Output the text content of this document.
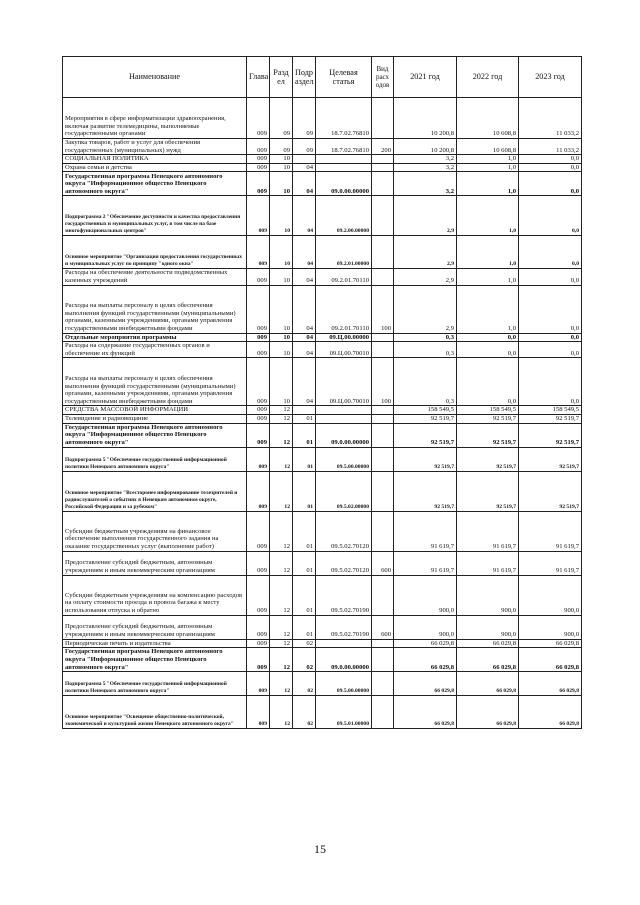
Наименование	Глава	Разд ел	Подр аздел	Целевая статья	Вид расх одов	2021 год	2022 год	2023 год
Мероприятия в сфере информатизации здравоохранения, включая развитие телемедицины, выполняемые государственными органами	009	09	09	18.7.02.76810		10 200,8	10 608,8	11 033,2
Закупка товаров, работ и услуг для обеспечения государственных (муниципальных) нужд	009	09	09	18.7.02.76810	200	10 200,8	10 608,8	11 033,2
СОЦИАЛЬНАЯ ПОЛИТИКА	009	10				3,2	1,0	0,0
Охрана семьи и детства	009	10	04			3,2	1,0	0,0
Государственная программа Ненецкого автономного округа "Информационное общество Ненецкого автономного округа"	009	10	04	09.0.00.00000		3,2	1,0	0,0
Подпрограмма 2 "Обеспечение доступности и качества предоставления государственных и муниципальных услуг, в том числе на базе многофункциональных центров"	009	10	04	09.2.00.00000		2,9	1,0	0,0
Основное мероприятие "Организация предоставления государственных и муниципальных услуг по принципу "одного окна"	009	10	04	09.2.01.00000		2,9	1,0	0,0
Расходы на обеспечение деятельности подведомственных казенных учреждений	009	10	04	09.2.01.70110		2,9	1,0	0,0
Расходы на выплаты персоналу в целях обеспечения выполнения функций государственными (муниципальными) органами, казенными учреждениями, органами управления государственными внебюджетными фондами	009	10	04	09.2.01.70110	100	2,9	1,0	0,0
Отдельные мероприятия программы	009	10	04	09.Ц.00.00000		0,3	0,0	0,0
Расходы на содержание государственных органов и обеспечение их функций	009	10	04	09.Ц.00.70010		0,3	0,0	0,0
Расходы на выплаты персоналу в целях обеспечения выполнения функций государственными (муниципальными) органами, казенными учреждениями, органами управления государственными внебюджетными фондами	009	10	04	09.Ц.00.70010	100	0,3	0,0	0,0
СРЕДСТВА МАССОВОЙ ИНФОРМАЦИИ	009	12				158 549,5	158 549,5	158 549,5
Телевидение и радиовещание	009	12	01			92 519,7	92 519,7	92 519,7
Государственная программа Ненецкого автономного округа "Информационное общество Ненецкого автономного округа"	009	12	01	09.0.00.00000		92 519,7	92 519,7	92 519,7
Подпрограмма 5 "Обеспечение государственной информационной политики Ненецкого автономного округа"	009	12	01	09.5.00.00000		92 519,7	92 519,7	92 519,7
Основное мероприятие "Всесторонее информирование телезрителей и радиослушателей о событиях в Ненецком автономном округе, Российской Федерации и за рубежом"	009	12	01	09.5.02.00000		92 519,7	92 519,7	92 519,7
Субсидии бюджетным учреждениям на финансовое обеспечение выполнения государственного задания на оказание государственных услуг (выполнение работ)	009	12	01	09.5.02.70120		91 619,7	91 619,7	91 619,7
Предоставление субсидий бюджетным, автономным учреждениям и иным некоммерческим организациям	009	12	01	09.5.02.70120	600	91 619,7	91 619,7	91 619,7
Субсидии бюджетным учреждениям на компенсацию расходов на оплату стоимости проезда и провоза багажа к месту использования отпуска и обратно	009	12	01	09.5.02.70190		900,0	900,0	900,0
Предоставление субсидий бюджетным, автономным учреждениям и иным некоммерческим организациям	009	12	01	09.5.02.70190	600	900,0	900,0	900,0
Периодическая печать и издательства	009	12	02			66 029,8	66 029,8	66 029,8
Государственная программа Ненецкого автономного округа "Информационное общество Ненецкого автономного округа"	009	12	02	09.0.00.00000		66 029,8	66 029,8	66 029,8
Подпрограмма 5 "Обеспечение государственной информационной политики Ненецкого автономного округа"	009	12	02	09.5.00.00000		66 029,8	66 029,8	66 029,8
Основное мероприятие "Освещение общественно-политической, экономической и культурной жизни Ненецкого автономного округа"	009	12	02	09.5.01.00000		66 029,8	66 029,8	66 029,8
15
